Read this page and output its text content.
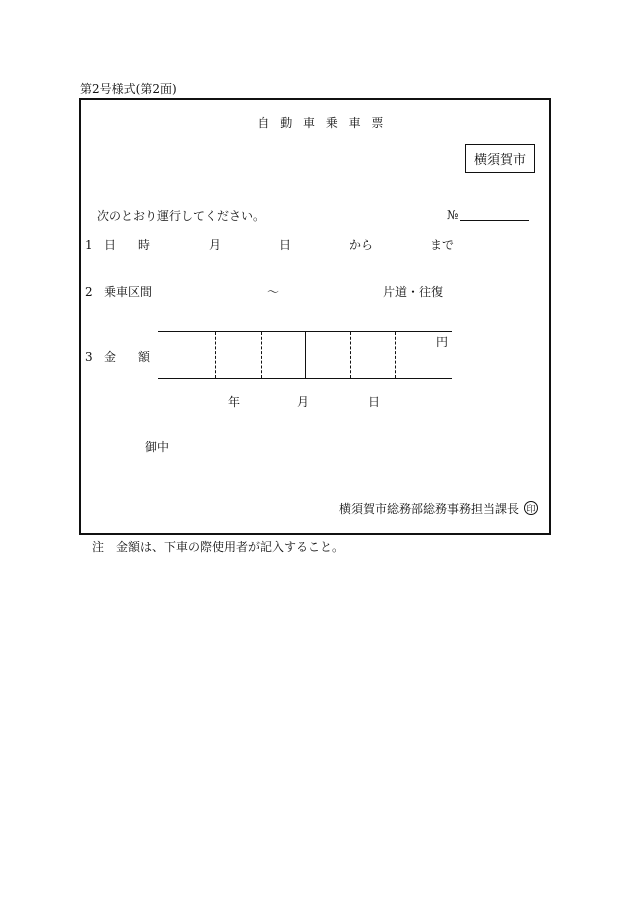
第2号様式(第2面)
自動車乗車票
横須賀市
次のとおり運行してください。	№
1 日 時	月	日	から	まで
2 乗車区間	～	片道・往復
3 金 額
円
年	月	日
御中
横須賀市総務部総務事務担当課長 印
注　金額は、下車の際使用者が記入すること。
